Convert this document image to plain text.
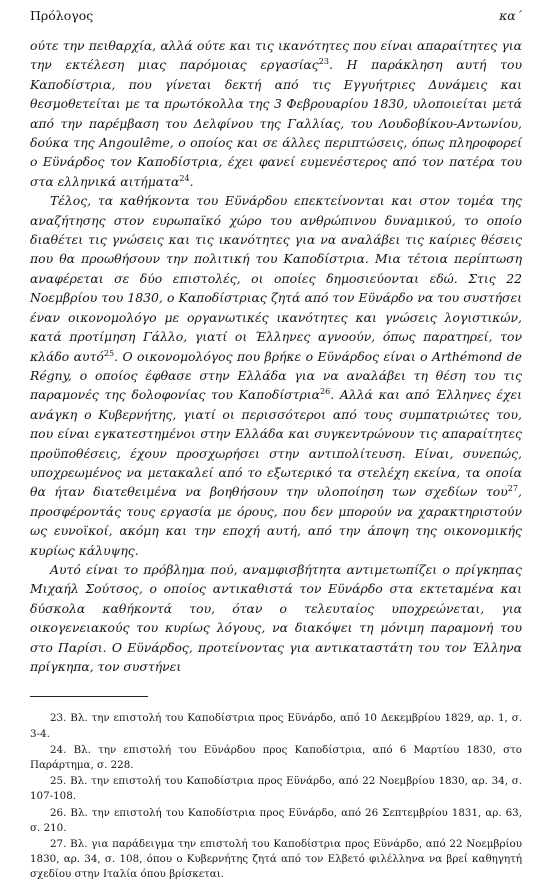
Πρόλογος	κα´

ούτε την πειθαρχία, αλλά ούτε και τις ικανότητες που είναι απαραίτητες για την εκτέλεση μιας παρόμοιας εργασίας$^{23}$. Η παράκληση αυτή του Καποδίστρια, που γίνεται δεκτή από τις Εγγυήτριες Δυνάμεις και θεσμοθετείται με τα πρωτόκολλα της 3 Φεβρουαρίου 1830, υλοποιείται μετά από την παρέμβαση του Δελφίνου της Γαλλίας, του Λουδοβίκου-Αντωνίου, δούκα της Angoulême, ο οποίος και σε άλλες περιπτώσεις, όπως πληροφορεί ο Εϋνάρδος τον Καποδίστρια, έχει φανεί ευμενέστερος από τον πατέρα του στα ελληνικά αιτήματα$^{24}$.

Τέλος, τα καθήκοντα του Εϋνάρδου επεκτείνονται και στον τομέα της αναζήτησης στον ευρωπαϊκό χώρο του ανθρώπινου δυναμικού, το οποίο διαθέτει τις γνώσεις και τις ικανότητες για να αναλάβει τις καίριες θέσεις που θα προωθήσουν την πολιτική του Καποδίστρια. Μια τέτοια περίπτωση αναφέρεται σε δύο επιστολές, οι οποίες δημοσιεύονται εδώ. Στις 22 Νοεμβρίου του 1830, ο Καποδίστριας ζητά από τον Εϋνάρδο να του συστήσει έναν οικονομολόγο με οργανωτικές ικανότητες και γνώσεις λογιστικών, κατά προτίμηση Γάλλο, γιατί οι Έλληνες αγνοούν, όπως παρατηρεί, τον κλάδο αυτό$^{25}$. Ο οικονομολόγος που βρήκε ο Εϋνάρδος είναι ο Arthémond de Régny, ο οποίος έφθασε στην Ελλάδα για να αναλάβει τη θέση του τις παραμονές της δολοφονίας του Καποδίστρια$^{26}$. Αλλά και από Έλληνες έχει ανάγκη ο Κυβερνήτης, γιατί οι περισσότεροι από τους συμπατριώτες του, που είναι εγκατεστημένοι στην Ελλάδα και συγκεντρώνουν τις απαραίτητες προϋποθέσεις, έχουν προσχωρήσει στην αντιπολίτευση. Είναι, συνεπώς, υποχρεωμένος να μετακαλεί από το εξωτερικό τα στελέχη εκείνα, τα οποία θα ήταν διατεθειμένα να βοηθήσουν την υλοποίηση των σχεδίων του$^{27}$, προσφέροντάς τους εργασία με όρους, που δεν μπορούν να χαρακτηριστούν ως ευνοϊκοί, ακόμη και την εποχή αυτή, από την άποψη της οικονομικής κυρίως κάλυψης.

Αυτό είναι το πρόβλημα πού, αναμφισβήτητα αντιμετωπίζει ο πρίγκηπας Μιχαήλ Σούτσος, ο οποίος αντικαθιστά τον Εϋνάρδο στα εκτεταμένα και δύσκολα καθήκοντά του, όταν ο τελευταίος υποχρεώνεται, για οικογενειακούς του κυρίως λόγους, να διακόψει τη μόνιμη παραμονή του στο Παρίσι. Ο Εϋνάρδος, προτείνοντας για αντικαταστάτη του τον Έλληνα πρίγκηπα, τον συστήνει

23. Βλ. την επιστολή του Καποδίστρια προς Εϋνάρδο, από 10 Δεκεμβρίου 1829, αρ. 1, σ. 3-4.

24. Βλ. την επιστολή του Εϋνάρδου προς Καποδίστρια, από 6 Μαρτίου 1830, στο Παράρτημα, σ. 228.

25. Βλ. την επιστολή του Καποδίστρια προς Εϋνάρδο, από 22 Νοεμβρίου 1830, αρ. 34, σ. 107-108.

26. Βλ. την επιστολή του Καποδίστρια προς Εϋνάρδο, από 26 Σεπτεμβρίου 1831, αρ. 63, σ. 210.

27. Βλ. για παράδειγμα την επιστολή του Καποδίστρια προς Εϋνάρδο, από 22 Νοεμβρίου 1830, αρ. 34, σ. 108, όπου ο Κυβερνήτης ζητά από τον Ελβετό φιλέλληνα να βρεί καθηγητή σχεδίου στην Ιταλία όπου βρίσκεται.
